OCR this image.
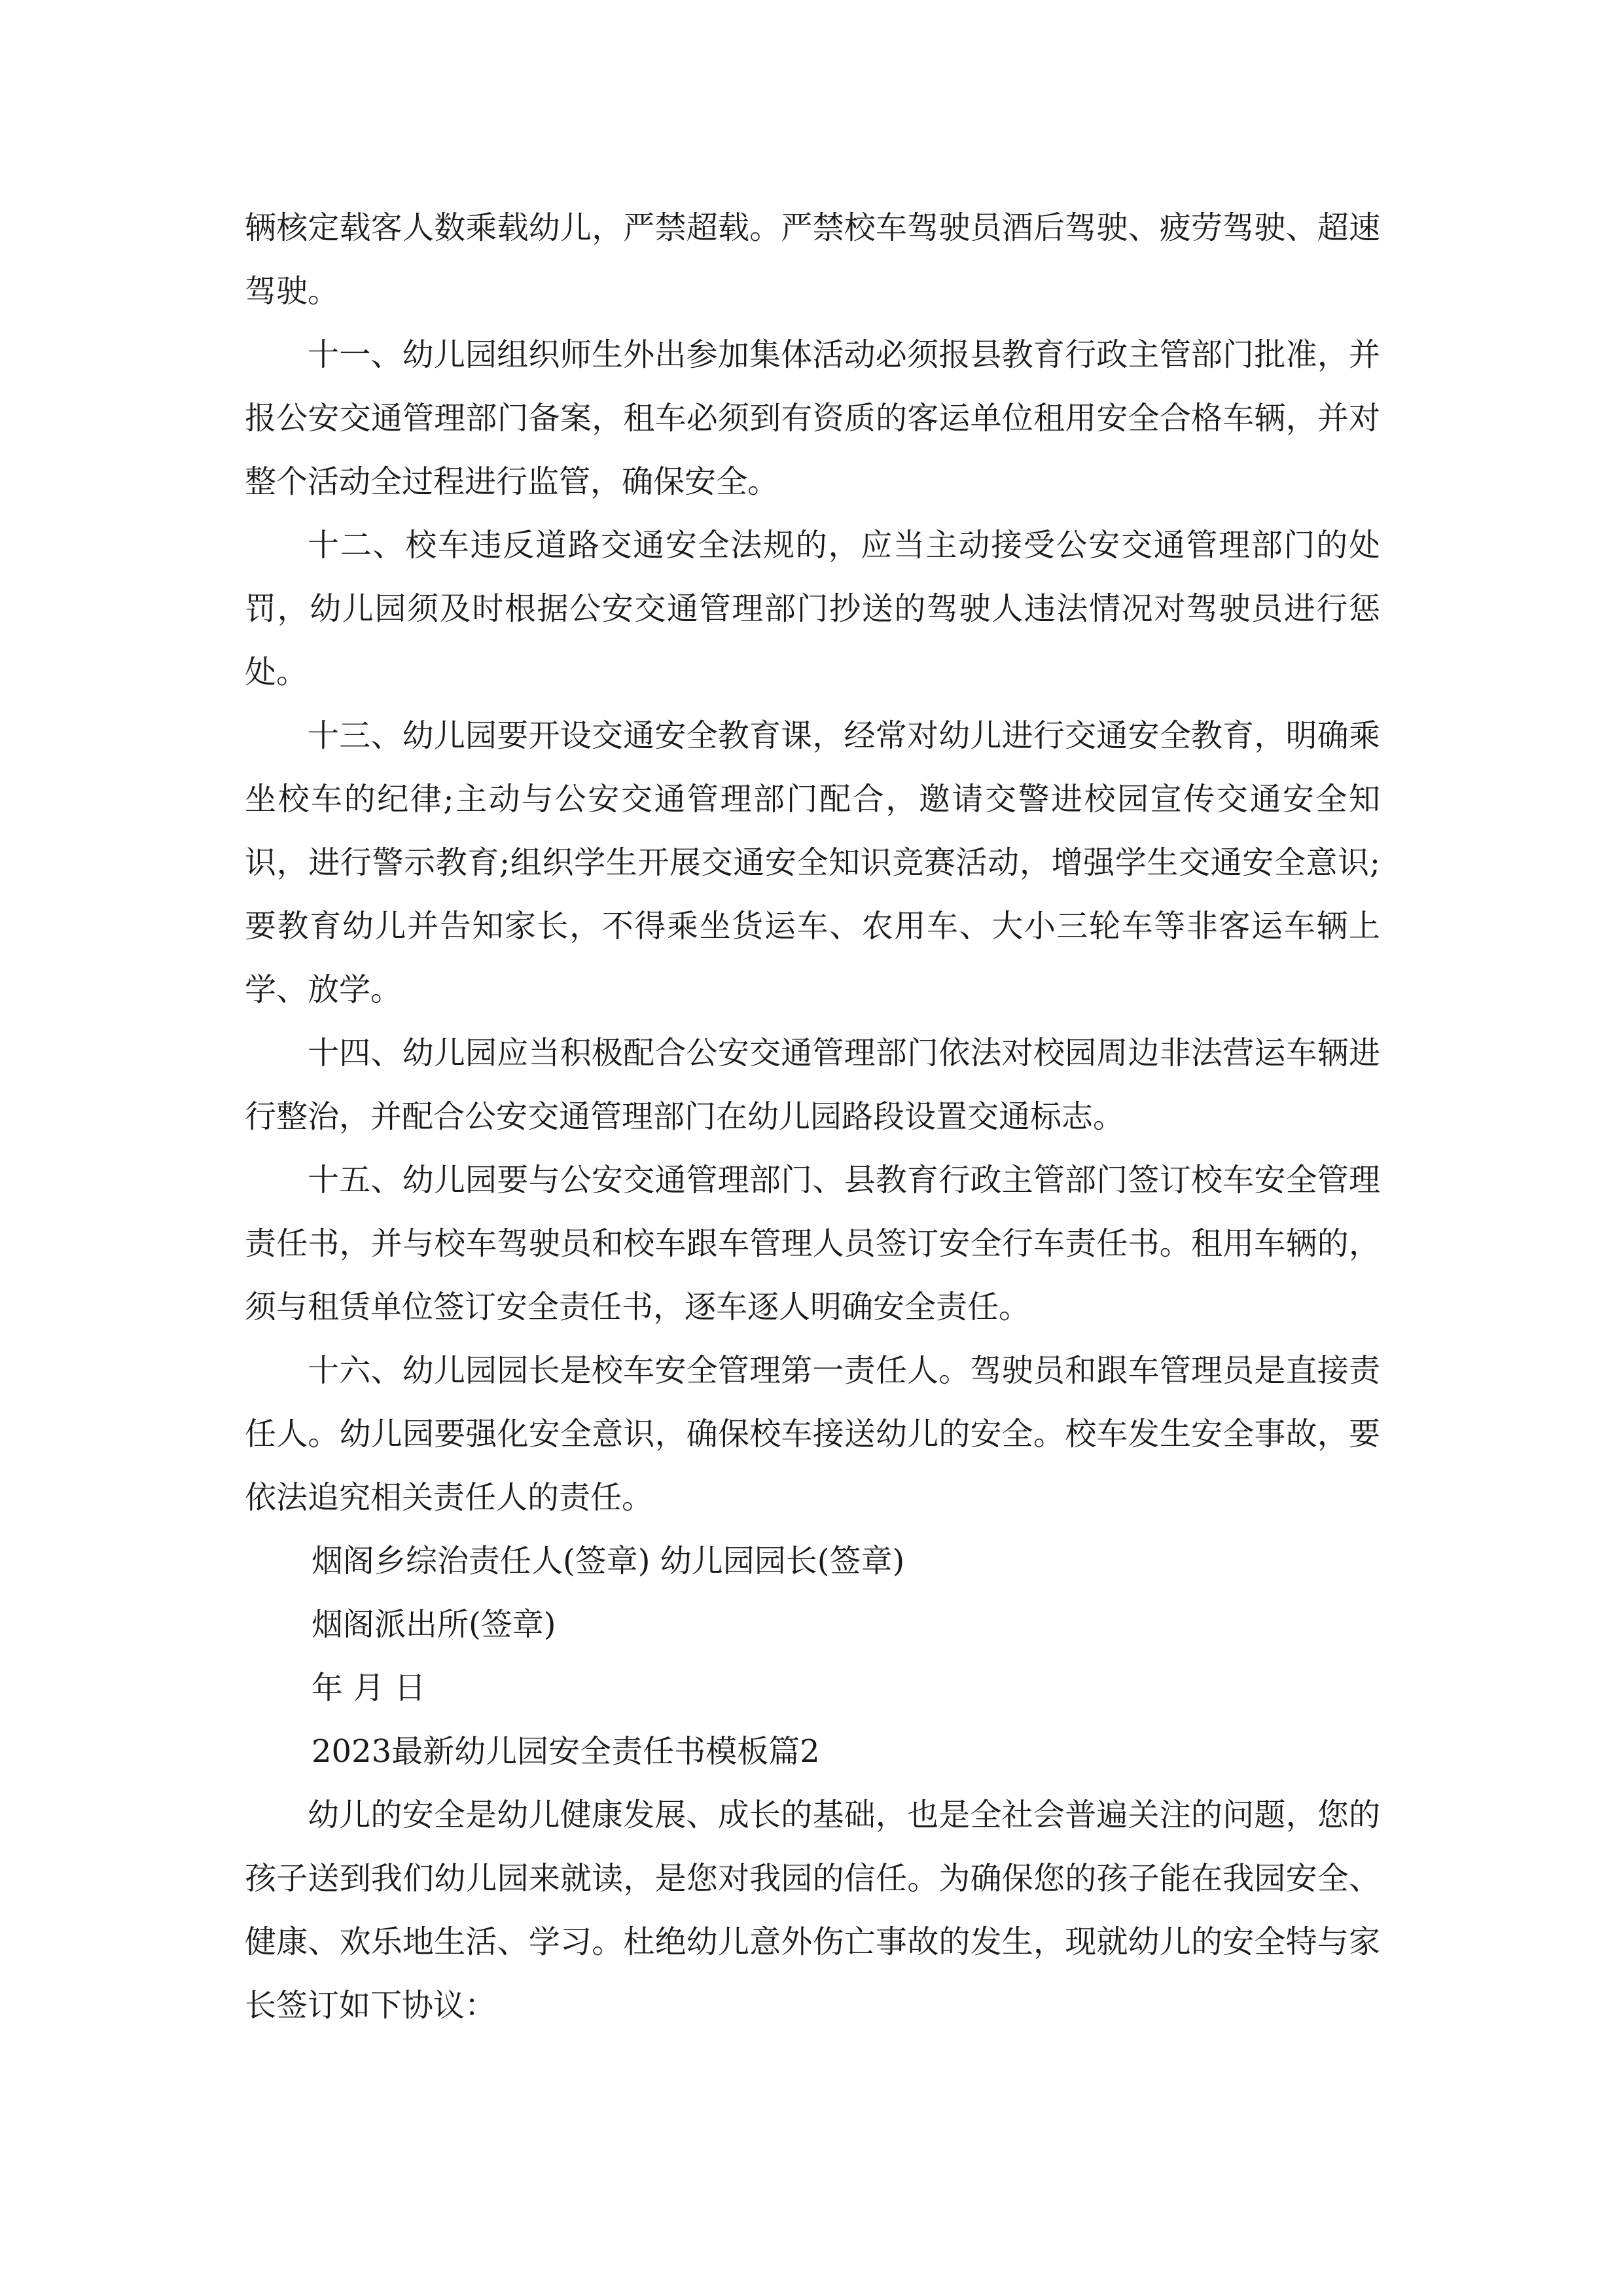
辆核定载客人数乘载幼儿，严禁超载。严禁校车驾驶员酒后驾驶、疲劳驾驶、超速驾驶。

十一、幼儿园组织师生外出参加集体活动必须报县教育行政主管部门批准，并报公安交通管理部门备案，租车必须到有资质的客运单位租用安全合格车辆，并对整个活动全过程进行监管，确保安全。

十二、校车违反道路交通安全法规的，应当主动接受公安交通管理部门的处罚，幼儿园须及时根据公安交通管理部门抄送的驾驶人违法情况对驾驶员进行惩处。

十三、幼儿园要开设交通安全教育课，经常对幼儿进行交通安全教育，明确乘坐校车的纪律;主动与公安交通管理部门配合，邀请交警进校园宣传交通安全知识，进行警示教育;组织学生开展交通安全知识竞赛活动，增强学生交通安全意识;要教育幼儿并告知家长，不得乘坐货运车、农用车、大小三轮车等非客运车辆上学、放学。

十四、幼儿园应当积极配合公安交通管理部门依法对校园周边非法营运车辆进行整治，并配合公安交通管理部门在幼儿园路段设置交通标志。

十五、幼儿园要与公安交通管理部门、县教育行政主管部门签订校车安全管理责任书，并与校车驾驶员和校车跟车管理人员签订安全行车责任书。租用车辆的，须与租赁单位签订安全责任书，逐车逐人明确安全责任。

十六、幼儿园园长是校车安全管理第一责任人。驾驶员和跟车管理员是直接责任人。幼儿园要强化安全意识，确保校车接送幼儿的安全。校车发生安全事故，要依法追究相关责任人的责任。

烟阁乡综治责任人(签章) 幼儿园园长(签章)

烟阁派出所(签章)

年 月 日

2023最新幼儿园安全责任书模板篇2

幼儿的安全是幼儿健康发展、成长的基础，也是全社会普遍关注的问题，您的孩子送到我们幼儿园来就读，是您对我园的信任。为确保您的孩子能在我园安全、健康、欢乐地生活、学习。杜绝幼儿意外伤亡事故的发生，现就幼儿的安全特与家长签订如下协议：
